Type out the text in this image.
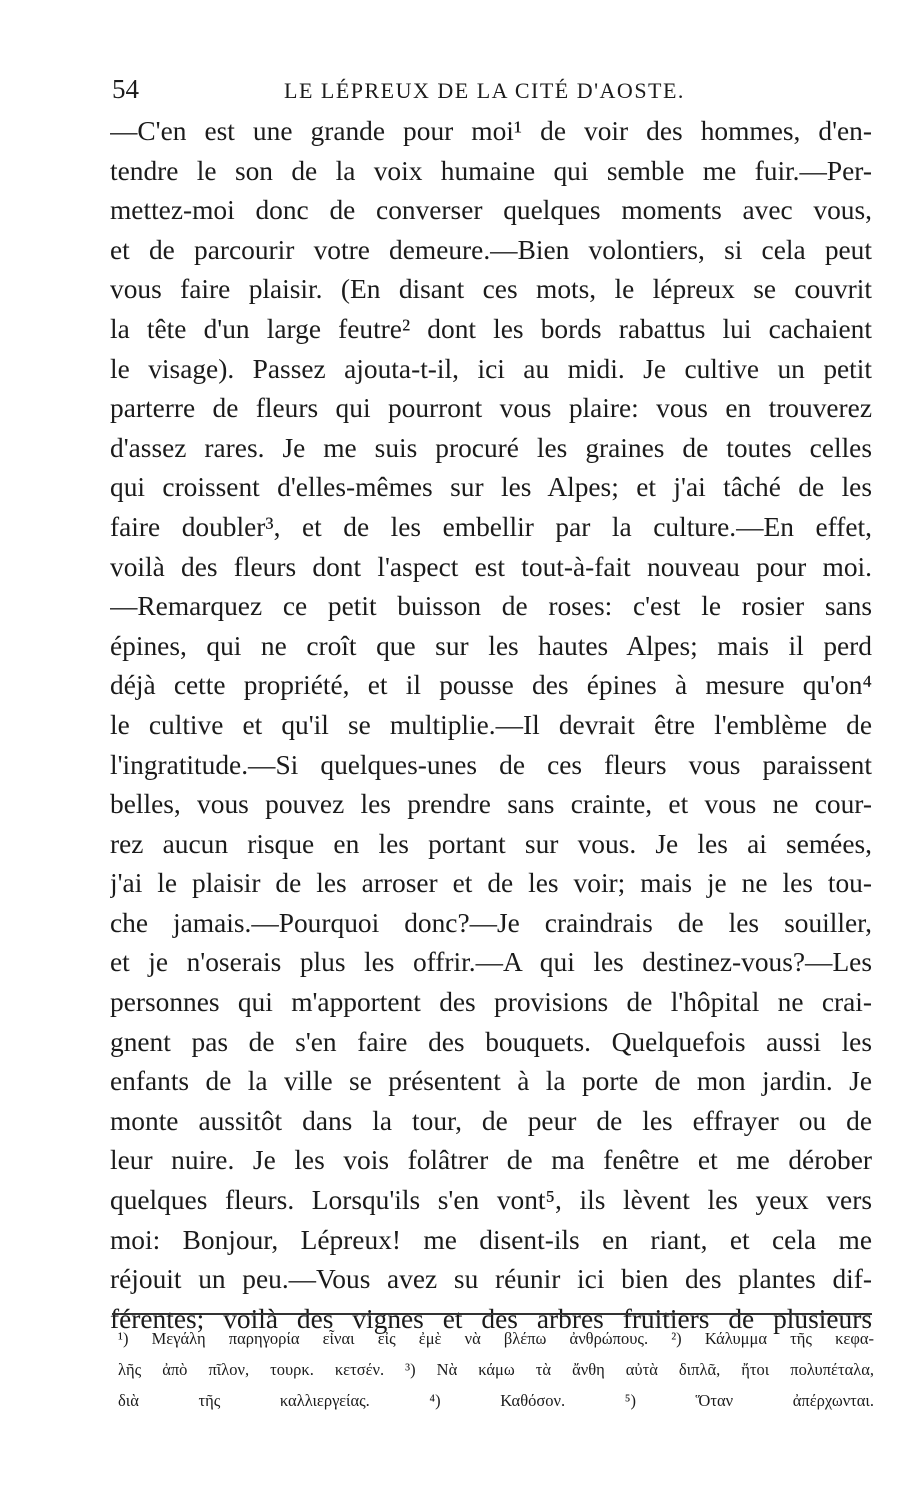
54	LE LÉPREUX DE LA CITÉ D'AOSTE.
—C'en est une grande pour moi¹ de voir des hommes, d'en-
tendre le son de la voix humaine qui semble me fuir.—Per-
mettez-moi donc de converser quelques moments avec vous,
et de parcourir votre demeure.—Bien volontiers, si cela peut
vous faire plaisir. (En disant ces mots, le lépreux se couvrit
la tête d'un large feutre² dont les bords rabattus lui cachaient
le visage). Passez ajouta-t-il, ici au midi. Je cultive un petit
parterre de fleurs qui pourront vous plaire: vous en trouverez
d'assez rares. Je me suis procuré les graines de toutes celles
qui croissent d'elles-mêmes sur les Alpes; et j'ai tâché de les
faire doubler³, et de les embellir par la culture.—En effet,
voilà des fleurs dont l'aspect est tout-à-fait nouveau pour moi.
—Remarquez ce petit buisson de roses: c'est le rosier sans
épines, qui ne croît que sur les hautes Alpes; mais il perd
déjà cette propriété, et il pousse des épines à mesure qu'on⁴
le cultive et qu'il se multiplie.—Il devrait être l'emblème de
l'ingratitude.—Si quelques-unes de ces fleurs vous paraissent
belles, vous pouvez les prendre sans crainte, et vous ne cour-
rez aucun risque en les portant sur vous. Je les ai semées,
j'ai le plaisir de les arroser et de les voir; mais je ne les tou-
che jamais.—Pourquoi donc?—Je craindrais de les souiller,
et je n'oserais plus les offrir.—A qui les destinez-vous?—Les
personnes qui m'apportent des provisions de l'hôpital ne crai-
gnent pas de s'en faire des bouquets. Quelquefois aussi les
enfants de la ville se présentent à la porte de mon jardin. Je
monte aussitôt dans la tour, de peur de les effrayer ou de
leur nuire. Je les vois folâtrer de ma fenêtre et me dérober
quelques fleurs. Lorsqu'ils s'en vont⁵, ils lèvent les yeux vers
moi: Bonjour, Lépreux! me disent-ils en riant, et cela me
réjouit un peu.—Vous avez su réunir ici bien des plantes dif-
férentes; voilà des vignes et des arbres fruitiers de plusieurs
¹) Μεγάλη παρηγορία εἶναι εἰς ἐμὲ νὰ βλέπω ἀνθρώπους. ²) Κάλυμμα τῆς κεφα-
λῆς ἀπὸ πῖλον, τουρκ. κετσέν. ³) Νὰ κάμω τὰ ἄνθη αὐτὰ διπλᾶ, ἤτοι πολυπέταλα,
διὰ τῆς καλλιεργείας. ⁴) Καθόσον. ⁵) Ὅταν ἀπέρχωνται.
